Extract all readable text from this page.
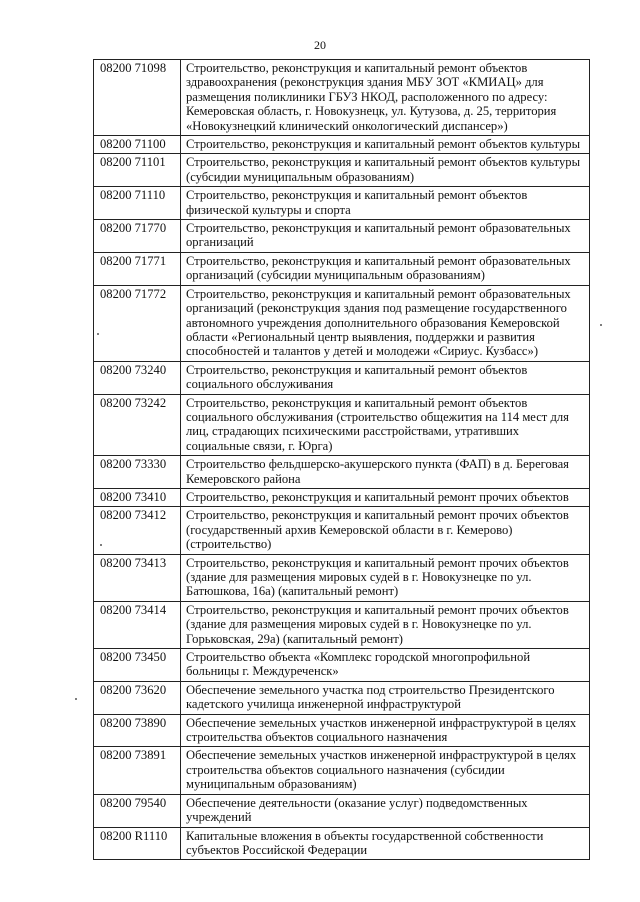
20
08200 71098	Строительство, реконструкция и капитальный ремонт объектов здравоохранения (реконструкция здания МБУ ЗОТ «КМИАЦ» для размещения поликлиники ГБУЗ НКОД, расположенного по адресу: Кемеровская область, г. Новокузнецк, ул. Кутузова, д. 25, территория «Новокузнецкий клинический онкологический диспансер»)
08200 71100	Строительство, реконструкция и капитальный ремонт объектов культуры
08200 71101	Строительство, реконструкция и капитальный ремонт объектов культуры (субсидии муниципальным образованиям)
08200 71110	Строительство, реконструкция и капитальный ремонт объектов физической культуры и спорта
08200 71770	Строительство, реконструкция и капитальный ремонт образовательных организаций
08200 71771	Строительство, реконструкция и капитальный ремонт образовательных организаций (субсидии муниципальным образованиям)
08200 71772	Строительство, реконструкция и капитальный ремонт образовательных организаций (реконструкция здания под размещение государственного автономного учреждения дополнительного образования Кемеровской области «Региональный центр выявления, поддержки и развития способностей и талантов у детей и молодежи «Сириус. Кузбасс»)
08200 73240	Строительство, реконструкция и капитальный ремонт объектов социального обслуживания
08200 73242	Строительство, реконструкция и капитальный ремонт объектов социального обслуживания (строительство общежития на 114 мест для лиц, страдающих психическими расстройствами, утративших социальные связи, г. Юрга)
08200 73330	Строительство фельдшерско-акушерского пункта (ФАП) в д. Береговая Кемеровского района
08200 73410	Строительство, реконструкция и капитальный ремонт прочих объектов
08200 73412	Строительство, реконструкция и капитальный ремонт прочих объектов (государственный архив Кемеровской области в г. Кемерово) (строительство)
08200 73413	Строительство, реконструкция и капитальный ремонт прочих объектов (здание для размещения мировых судей в г. Новокузнецке по ул. Батюшкова, 16а) (капитальный ремонт)
08200 73414	Строительство, реконструкция и капитальный ремонт прочих объектов (здание для размещения мировых судей в г. Новокузнецке по ул. Горьковская, 29а) (капитальный ремонт)
08200 73450	Строительство объекта «Комплекс городской многопрофильной больницы г. Междуреченск»
08200 73620	Обеспечение земельного участка под строительство Президентского кадетского училища инженерной инфраструктурой
08200 73890	Обеспечение земельных участков инженерной инфраструктурой в целях строительства объектов социального назначения
08200 73891	Обеспечение земельных участков инженерной инфраструктурой в целях строительства объектов социального назначения (субсидии муниципальным образованиям)
08200 79540	Обеспечение деятельности (оказание услуг) подведомственных учреждений
08200 R1110	Капитальные вложения в объекты государственной собственности субъектов Российской Федерации
